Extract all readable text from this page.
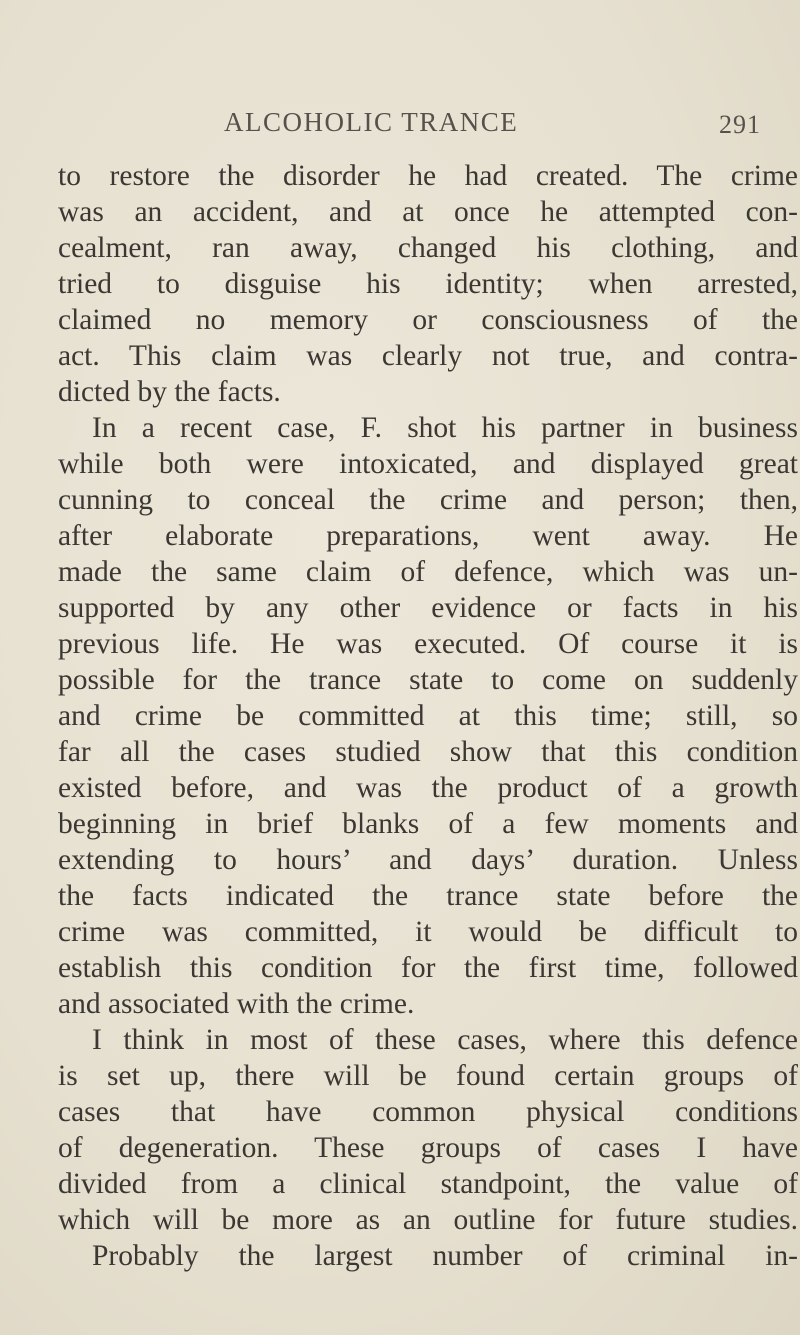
ALCOHOLIC TRANCE	291
to restore the disorder he had created. The crime
was an accident, and at once he attempted con-
cealment, ran away, changed his clothing, and
tried to disguise his identity; when arrested,
claimed no memory or consciousness of the
act. This claim was clearly not true, and contra-
dicted by the facts.
In a recent case, F. shot his partner in business
while both were intoxicated, and displayed great
cunning to conceal the crime and person; then,
after elaborate preparations, went away. He
made the same claim of defence, which was un-
supported by any other evidence or facts in his
previous life. He was executed. Of course it is
possible for the trance state to come on suddenly
and crime be committed at this time; still, so
far all the cases studied show that this condition
existed before, and was the product of a growth
beginning in brief blanks of a few moments and
extending to hours’ and days’ duration. Unless
the facts indicated the trance state before the
crime was committed, it would be difficult to
establish this condition for the first time, followed
and associated with the crime.
I think in most of these cases, where this defence
is set up, there will be found certain groups of
cases that have common physical conditions
of degeneration. These groups of cases I have
divided from a clinical standpoint, the value of
which will be more as an outline for future studies.
Probably the largest number of criminal in-
